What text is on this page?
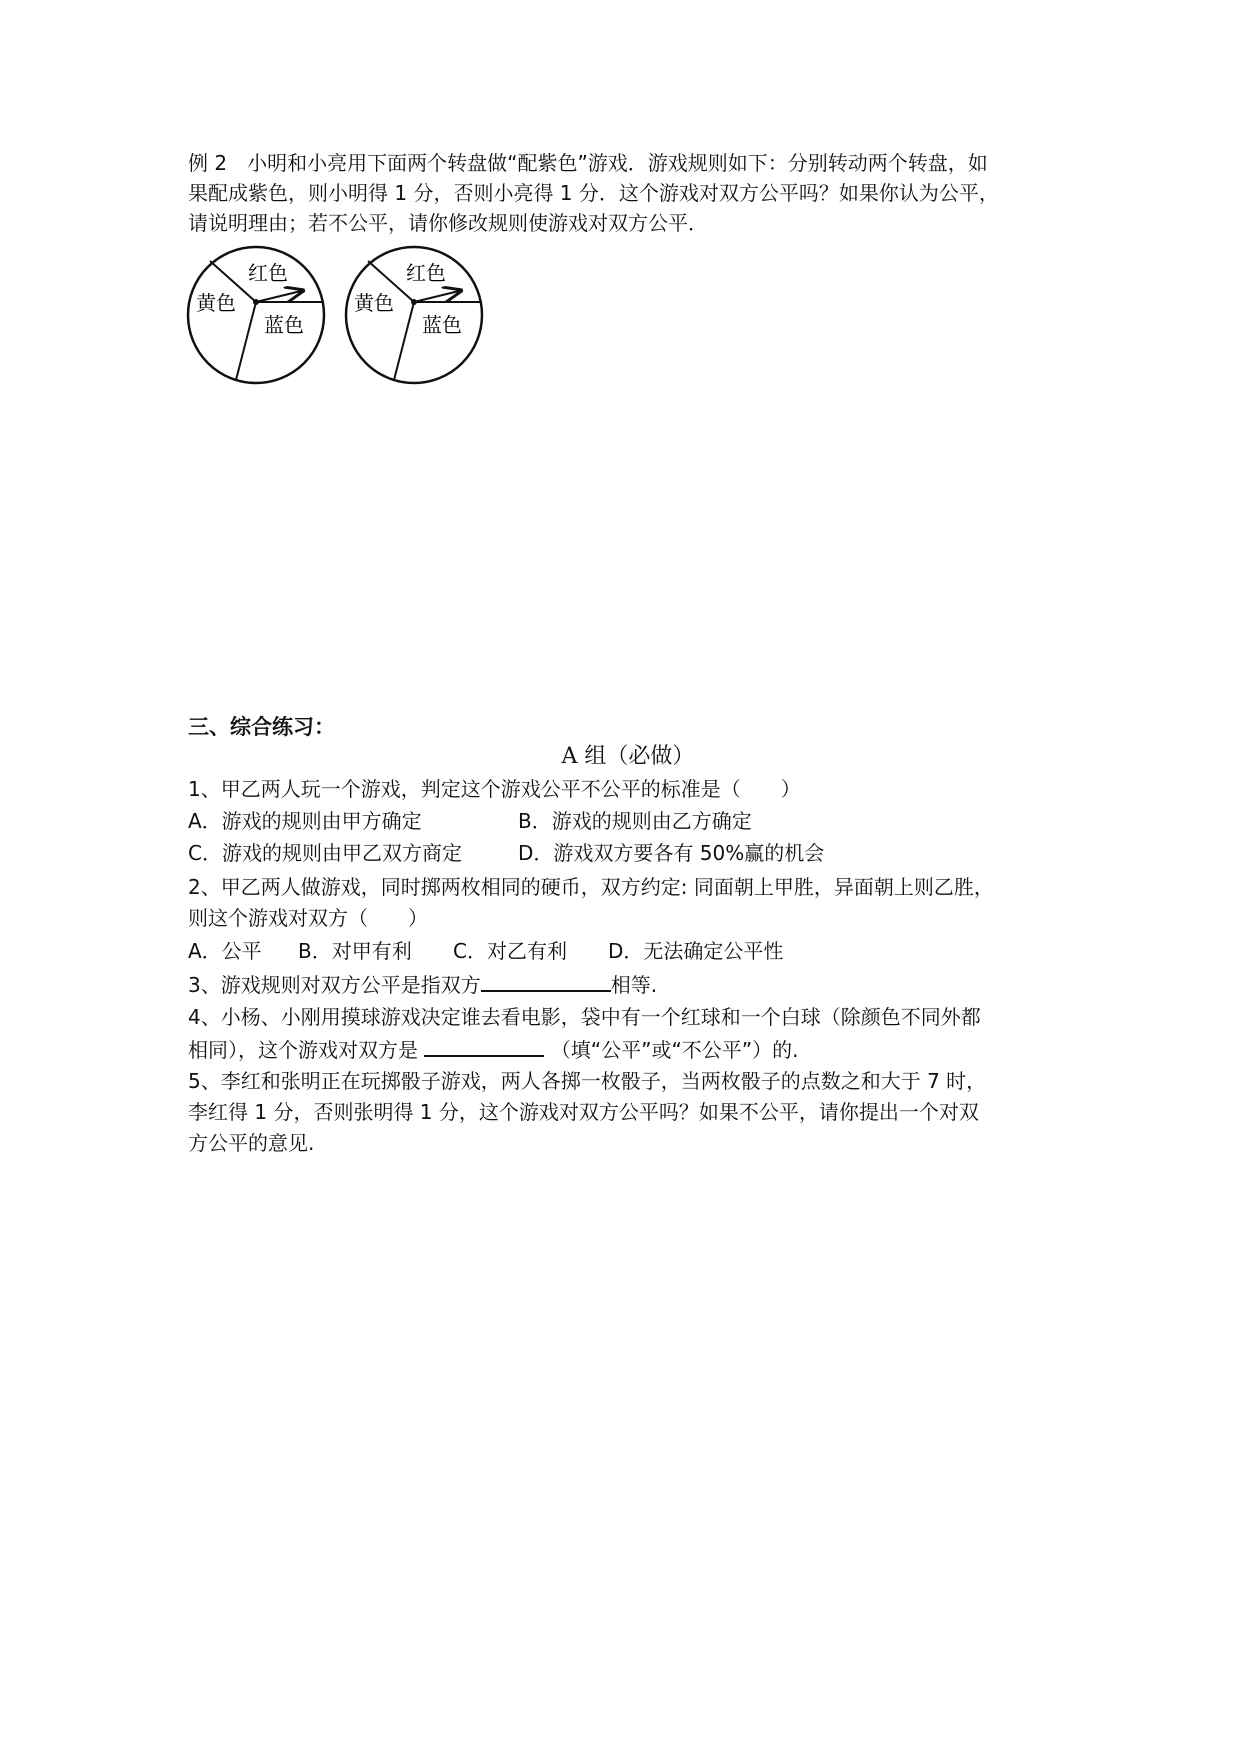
例 2　小明和小亮用下面两个转盘做“配紫色”游戏．游戏规则如下：分别转动两个转盘，如
果配成紫色，则小明得 1 分，否则小亮得 1 分．这个游戏对双方公平吗？如果你认为公平，
请说明理由；若不公平，请你修改规则使游戏对双方公平．
红色
黄色
蓝色
红色
黄色
蓝色
三、综合练习：
A 组（必做）
1、甲乙两人玩一个游戏，判定这个游戏公平不公平的标准是（　　）
A．游戏的规则由甲方确定	B．游戏的规则由乙方确定
C．游戏的规则由甲乙双方商定	D．游戏双方要各有 50%赢的机会
2、甲乙两人做游戏，同时掷两枚相同的硬币，双方约定: 同面朝上甲胜，异面朝上则乙胜，
则这个游戏对双方（　　）
A．公平 B．对甲有利 C．对乙有利 D．无法确定公平性
3、游戏规则对双方公平是指双方	相等.
4、小杨、小刚用摸球游戏决定谁去看电影，袋中有一个红球和一个白球（除颜色不同外都
相同），这个游戏对双方是	（填“公平”或“不公平”）的.
5、李红和张明正在玩掷骰子游戏，两人各掷一枚骰子，当两枚骰子的点数之和大于 7 时，
李红得 1 分，否则张明得 1 分，这个游戏对双方公平吗？如果不公平，请你提出一个对双
方公平的意见.
